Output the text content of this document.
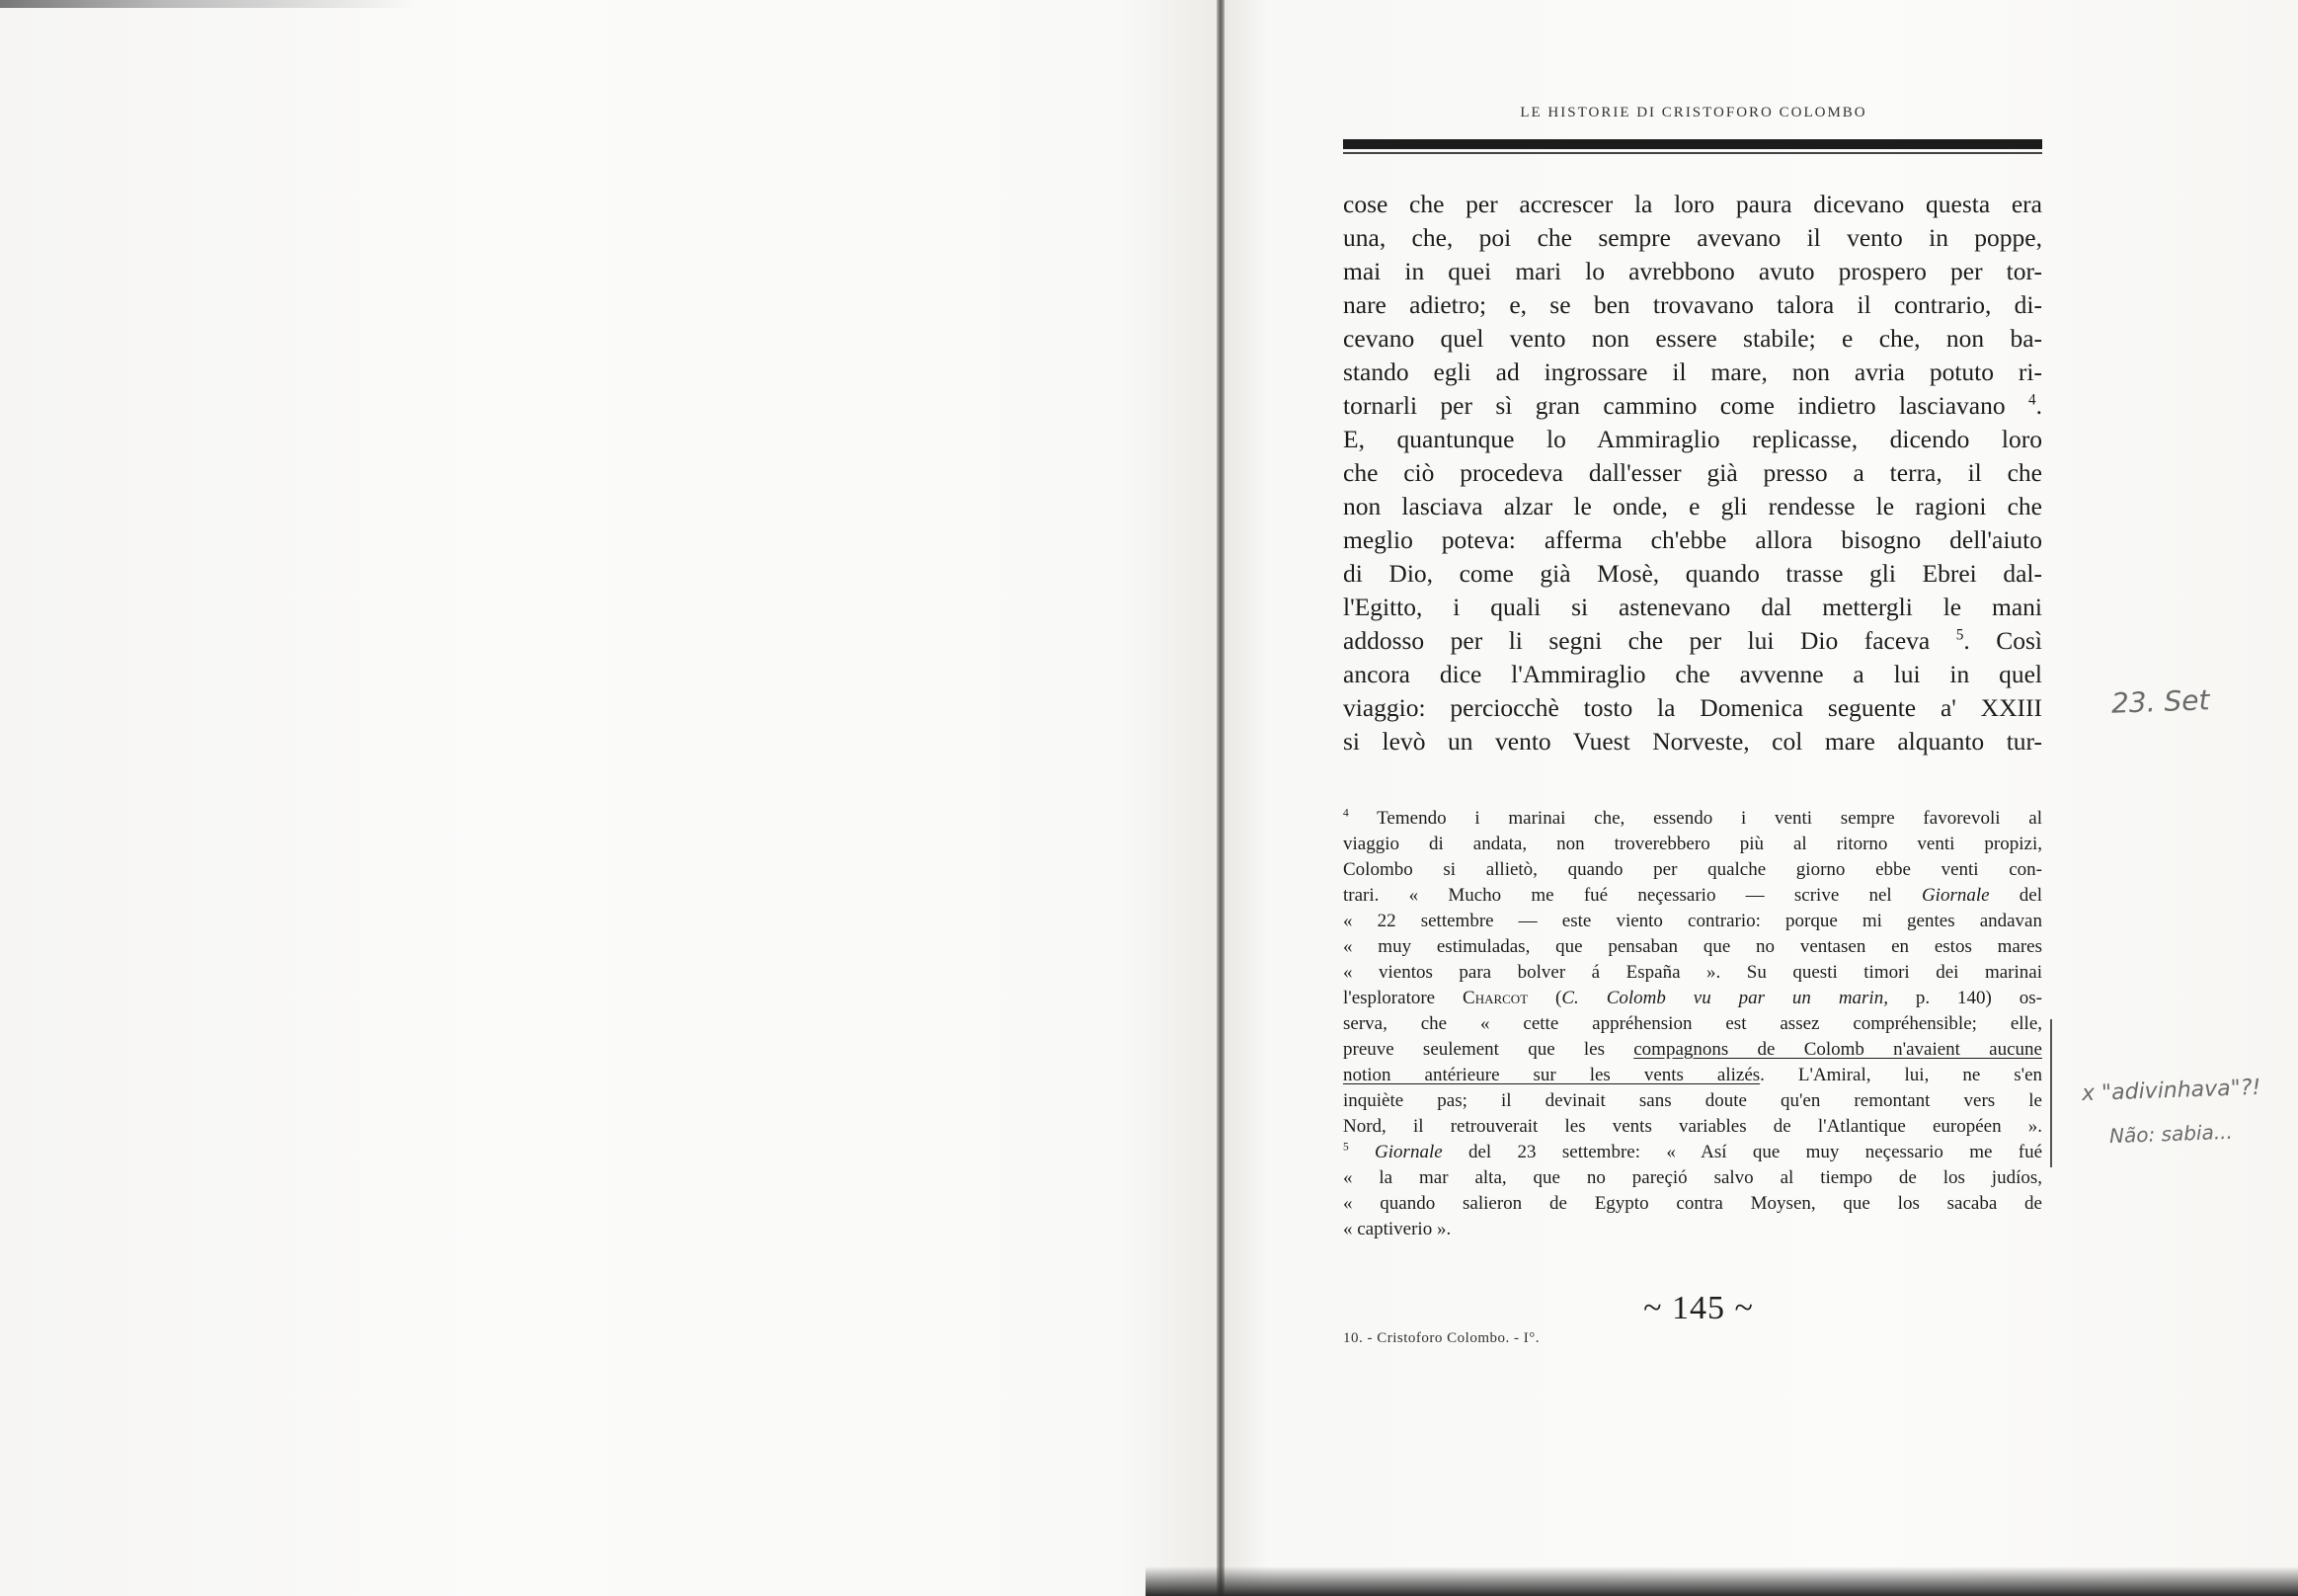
LE HISTORIE DI CRISTOFORO COLOMBO
cose che per accrescer la loro paura dicevano questa era
una, che, poi che sempre avevano il vento in poppe,
mai in quei mari lo avrebbono avuto prospero per tor-
nare adietro; e, se ben trovavano talora il contrario, di-
cevano quel vento non essere stabile; e che, non ba-
stando egli ad ingrossare il mare, non avria potuto ri-
tornarli per sì gran cammino come indietro lasciavano $^4$.
E, quantunque lo Ammiraglio replicasse, dicendo loro
che ciò procedeva dall'esser già presso a terra, il che
non lasciava alzar le onde, e gli rendesse le ragioni che
meglio poteva: afferma ch'ebbe allora bisogno dell'aiuto
di Dio, come già Mosè, quando trasse gli Ebrei dal-
l'Egitto, i quali si astenevano dal mettergli le mani
addosso per li segni che per lui Dio faceva $^5$. Così
ancora dice l'Ammiraglio che avvenne a lui in quel
viaggio: perciocchè tosto la Domenica seguente a' XXIII
si levò un vento Vuest Norveste, col mare alquanto tur-
$^4$ Temendo i marinai che, essendo i venti sempre favorevoli al
viaggio di andata, non troverebbero più al ritorno venti propizi,
Colombo si allietò, quando per qualche giorno ebbe venti con-
trari. « Mucho me fué neçessario — scrive nel Giornale del
« 22 settembre — este viento contrario: porque mi gentes andavan
« muy estimuladas, que pensaban que no ventasen en estos mares
« vientos para bolver á España ». Su questi timori dei marinai
l'esploratore Charcot (C. Colomb vu par un marin, p. 140) os-
serva, che « cette appréhension est assez compréhensible; elle,
preuve seulement que les compagnons de Colomb n'avaient aucune
notion antérieure sur les vents alizés. L'Amiral, lui, ne s'en
inquiète pas; il devinait sans doute qu'en remontant vers le
Nord, il retrouverait les vents variables de l'Atlantique européen ».
$^5$ Giornale del 23 settembre: « Así que muy neçessario me fué
« la mar alta, que no pareçió salvo al tiempo de los judíos,
« quando salieron de Egypto contra Moysen, que los sacaba de
« captiverio ».
~ 145 ~
10. - Cristoforo Colombo. - I°.
23. Set
x "adivinhava"?!
Não: sabia...
